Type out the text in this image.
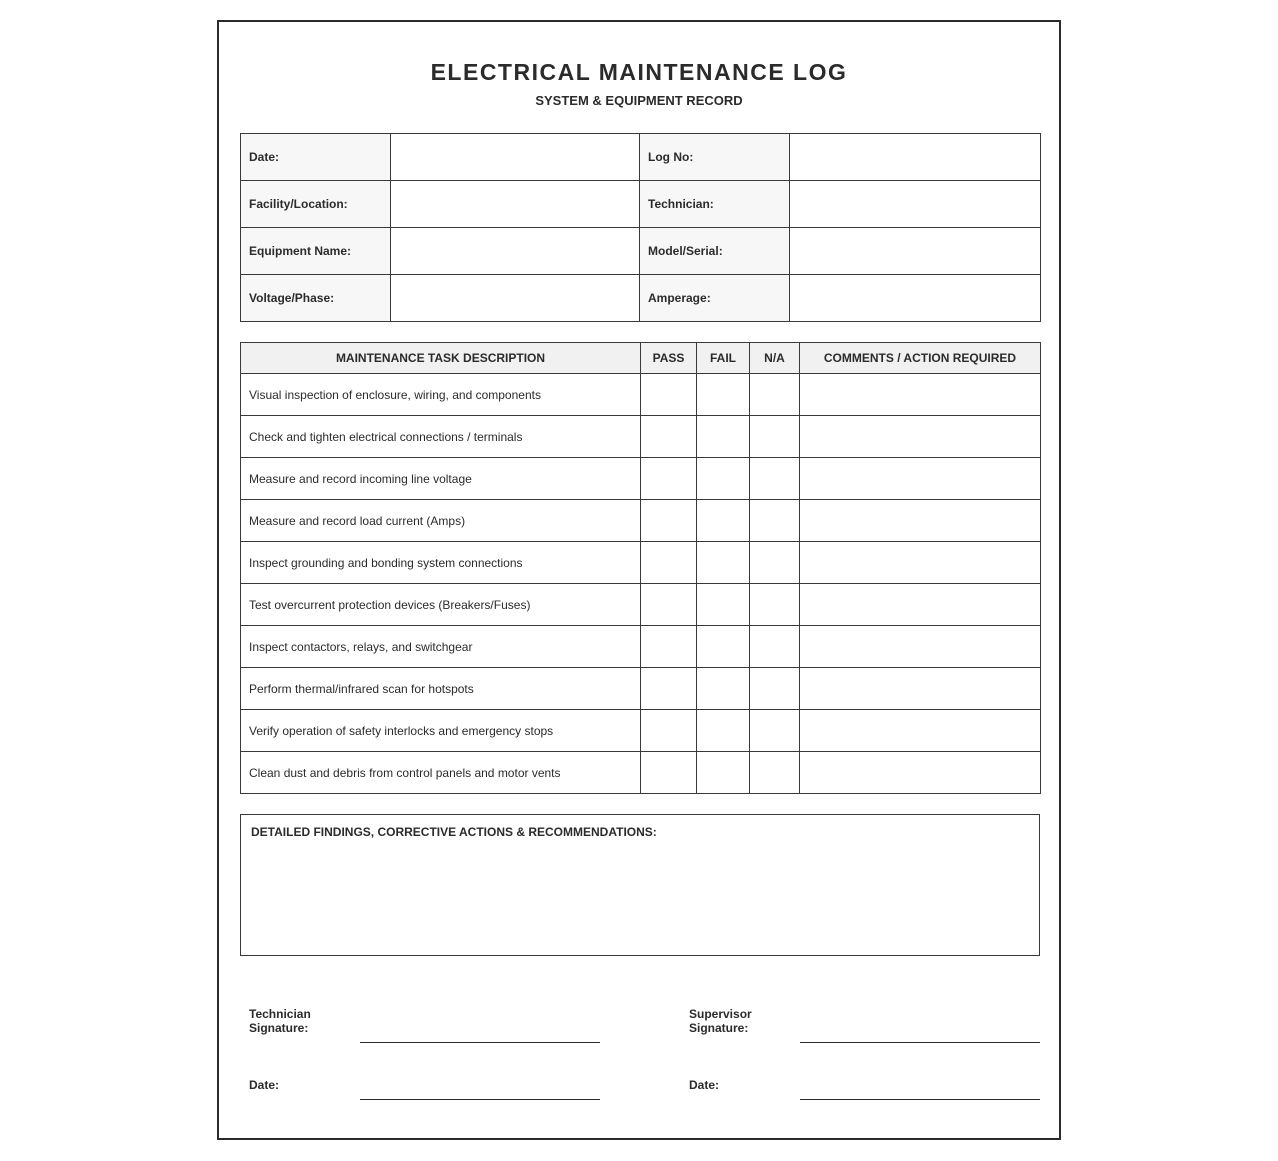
ELECTRICAL MAINTENANCE LOG
SYSTEM & EQUIPMENT RECORD
Date:		Log No:	
Facility/Location:		Technician:	
Equipment Name:		Model/Serial:	
Voltage/Phase:		Amperage:	
MAINTENANCE TASK DESCRIPTION	PASS	FAIL	N/A	COMMENTS / ACTION REQUIRED
Visual inspection of enclosure, wiring, and components				
Check and tighten electrical connections / terminals				
Measure and record incoming line voltage				
Measure and record load current (Amps)				
Inspect grounding and bonding system connections				
Test overcurrent protection devices (Breakers/Fuses)				
Inspect contactors, relays, and switchgear				
Perform thermal/infrared scan for hotspots				
Verify operation of safety interlocks and emergency stops				
Clean dust and debris from control panels and motor vents				
DETAILED FINDINGS, CORRECTIVE ACTIONS & RECOMMENDATIONS:
Technician
Signature:
Supervisor
Signature:
Date:	Date:
